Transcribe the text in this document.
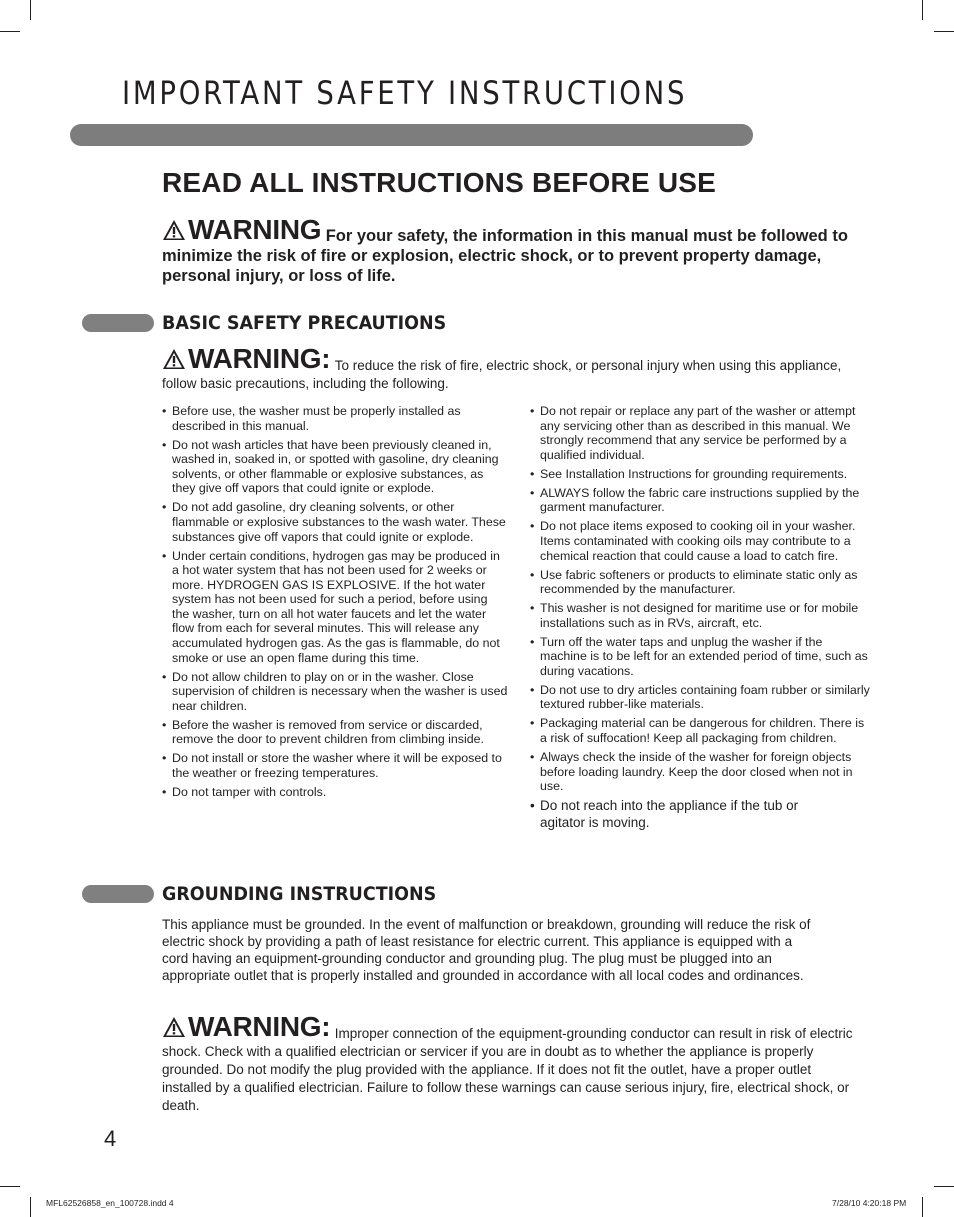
IMPORTANT SAFETY INSTRUCTIONS
READ ALL INSTRUCTIONS BEFORE USE
WARNING For your safety, the information in this manual must be followed to minimize the risk of fire or explosion, electric shock, or to prevent property damage, personal injury, or loss of life.
BASIC SAFETY PRECAUTIONS
WARNING: To reduce the risk of fire, electric shock, or personal injury when using this appliance, follow basic precautions, including the following.
• Before use, the washer must be properly installed as described in this manual.
• Do not wash articles that have been previously cleaned in, washed in, soaked in, or spotted with gasoline, dry cleaning solvents, or other flammable or explosive substances, as they give off vapors that could ignite or explode.
• Do not add gasoline, dry cleaning solvents, or other flammable or explosive substances to the wash water. These substances give off vapors that could ignite or explode.
• Under certain conditions, hydrogen gas may be produced in a hot water system that has not been used for 2 weeks or more. HYDROGEN GAS IS EXPLOSIVE. If the hot water system has not been used for such a period, before using the washer, turn on all hot water faucets and let the water flow from each for several minutes. This will release any accumulated hydrogen gas. As the gas is flammable, do not smoke or use an open flame during this time.
• Do not allow children to play on or in the washer. Close supervision of children is necessary when the washer is used near children.
• Before the washer is removed from service or discarded, remove the door to prevent children from climbing inside.
• Do not install or store the washer where it will be exposed to the weather or freezing temperatures.
• Do not tamper with controls.
• Do not repair or replace any part of the washer or attempt any servicing other than as described in this manual. We strongly recommend that any service be performed by a qualified individual.
• See Installation Instructions for grounding requirements.
• ALWAYS follow the fabric care instructions supplied by the garment manufacturer.
• Do not place items exposed to cooking oil in your washer. Items contaminated with cooking oils may contribute to a chemical reaction that could cause a load to catch fire.
• Use fabric softeners or products to eliminate static only as recommended by the manufacturer.
• This washer is not designed for maritime use or for mobile installations such as in RVs, aircraft, etc.
• Turn off the water taps and unplug the washer if the machine is to be left for an extended period of time, such as during vacations.
• Do not use to dry articles containing foam rubber or similarly textured rubber-like materials.
• Packaging material can be dangerous for children. There is a risk of suffocation! Keep all packaging from children.
• Always check the inside of the washer for foreign objects before loading laundry. Keep the door closed when not in use.
• Do not reach into the appliance if the tub or agitator is moving.
GROUNDING INSTRUCTIONS

This appliance must be grounded. In the event of malfunction or breakdown, grounding will reduce the risk of electric shock by providing a path of least resistance for electric current. This appliance is equipped with a cord having an equipment-grounding conductor and grounding plug. The plug must be plugged into an appropriate outlet that is properly installed and grounded in accordance with all local codes and ordinances.

WARNING: Improper connection of the equipment-grounding conductor can result in risk of electric shock. Check with a qualified electrician or servicer if you are in doubt as to whether the appliance is properly grounded. Do not modify the plug provided with the appliance. If it does not fit the outlet, have a proper outlet installed by a qualified electrician. Failure to follow these warnings can cause serious injury, fire, electrical shock, or death.
4
MFL62526858_en_100728.indd 4	7/28/10 4:20:18 PM
